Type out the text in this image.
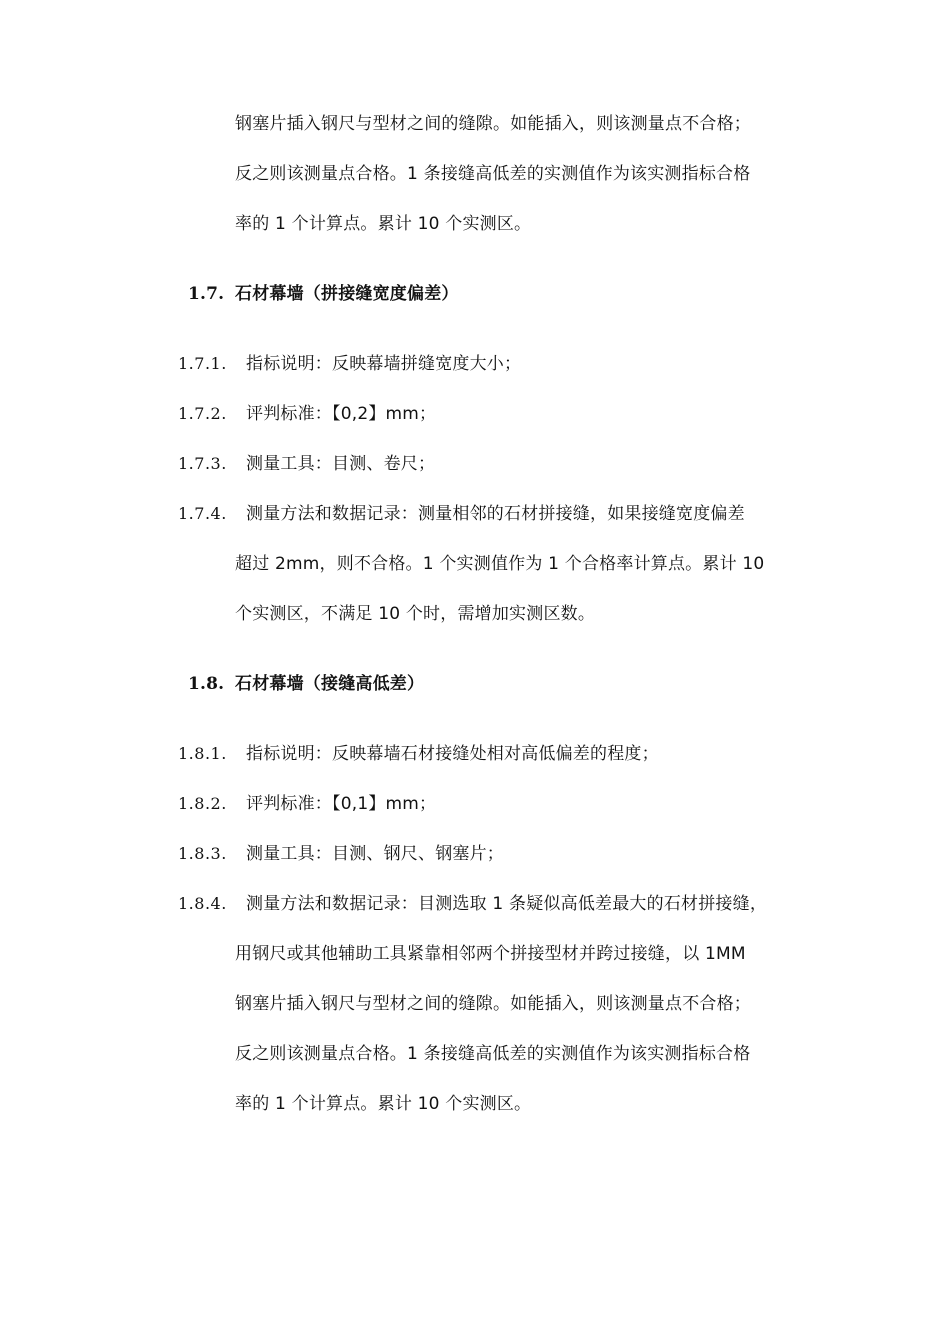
钢塞片插入钢尺与型材之间的缝隙。如能插入，则该测量点不合格；
反之则该测量点合格。1 条接缝高低差的实测值作为该实测指标合格
率的 1 个计算点。累计 10 个实测区。
1.7. 石材幕墙（拼接缝宽度偏差）
1.7.1. 指标说明：反映幕墙拼缝宽度大小；
1.7.2. 评判标准：【0,2】mm；
1.7.3. 测量工具：目测、卷尺；
1.7.4. 测量方法和数据记录：测量相邻的石材拼接缝，如果接缝宽度偏差
超过 2mm，则不合格。1 个实测值作为 1 个合格率计算点。累计 10
个实测区，不满足 10 个时，需增加实测区数。
1.8. 石材幕墙（接缝高低差）
1.8.1. 指标说明：反映幕墙石材接缝处相对高低偏差的程度；
1.8.2. 评判标准：【0,1】mm；
1.8.3. 测量工具：目测、钢尺、钢塞片；
1.8.4. 测量方法和数据记录：目测选取 1 条疑似高低差最大的石材拼接缝，
用钢尺或其他辅助工具紧靠相邻两个拼接型材并跨过接缝，以 1MM
钢塞片插入钢尺与型材之间的缝隙。如能插入，则该测量点不合格；
反之则该测量点合格。1 条接缝高低差的实测值作为该实测指标合格
率的 1 个计算点。累计 10 个实测区。
